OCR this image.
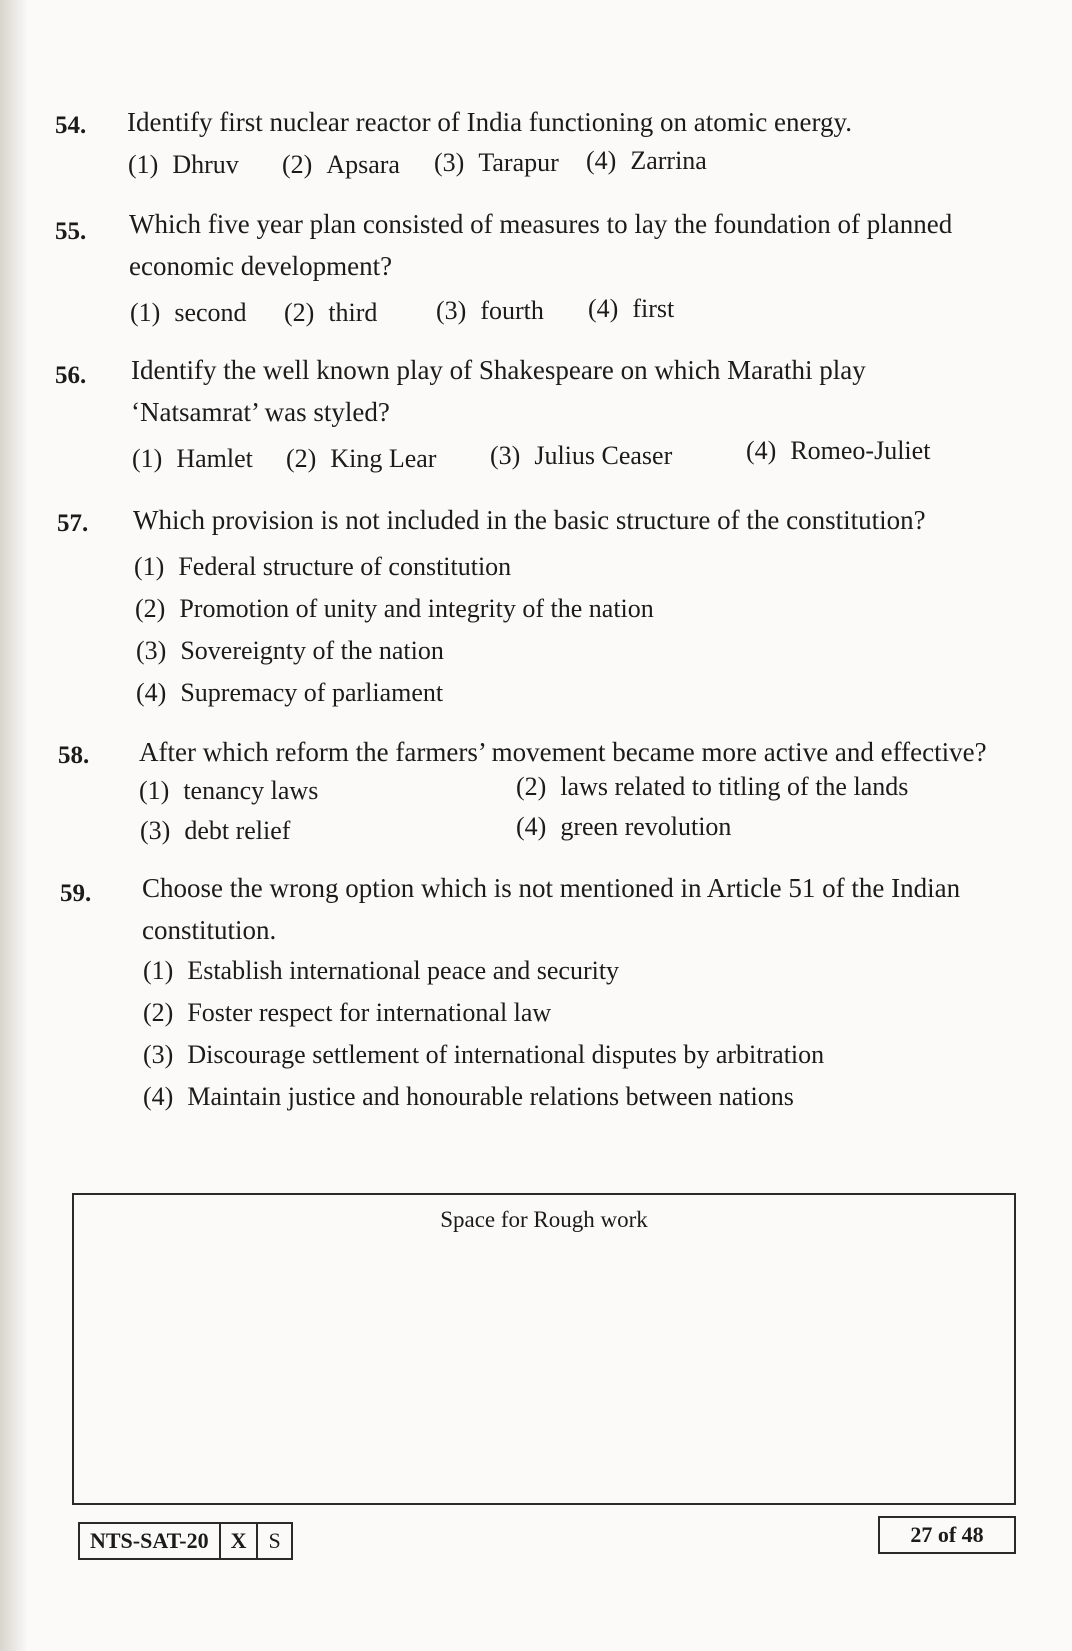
54. Identify first nuclear reactor of India functioning on atomic energy.
(1) Dhruv (2) Apsara (3) Tarapur (4) Zarrina
55. Which five year plan consisted of measures to lay the foundation of planned economic development?
(1) second (2) third (3) fourth (4) first
56. Identify the well known play of Shakespeare on which Marathi play ‘Natsamrat’ was styled?
(1) Hamlet (2) King Lear (3) Julius Ceaser	(4) Romeo-Juliet
57. Which provision is not included in the basic structure of the constitution?
(1) Federal structure of constitution
(2) Promotion of unity and integrity of the nation
(3) Sovereignty of the nation
(4) Supremacy of parliament
58. After which reform the farmers’ movement became more active and effective?
(1) tenancy laws	(2) laws related to titling of the lands
(3) debt relief	(4) green revolution
59. Choose the wrong option which is not mentioned in Article 51 of the Indian constitution.
(1) Establish international peace and security
(2) Foster respect for international law
(3) Discourage settlement of international disputes by arbitration
(4) Maintain justice and honourable relations between nations
Space for Rough work
NTS-SAT-20	X	S	27 of 48
